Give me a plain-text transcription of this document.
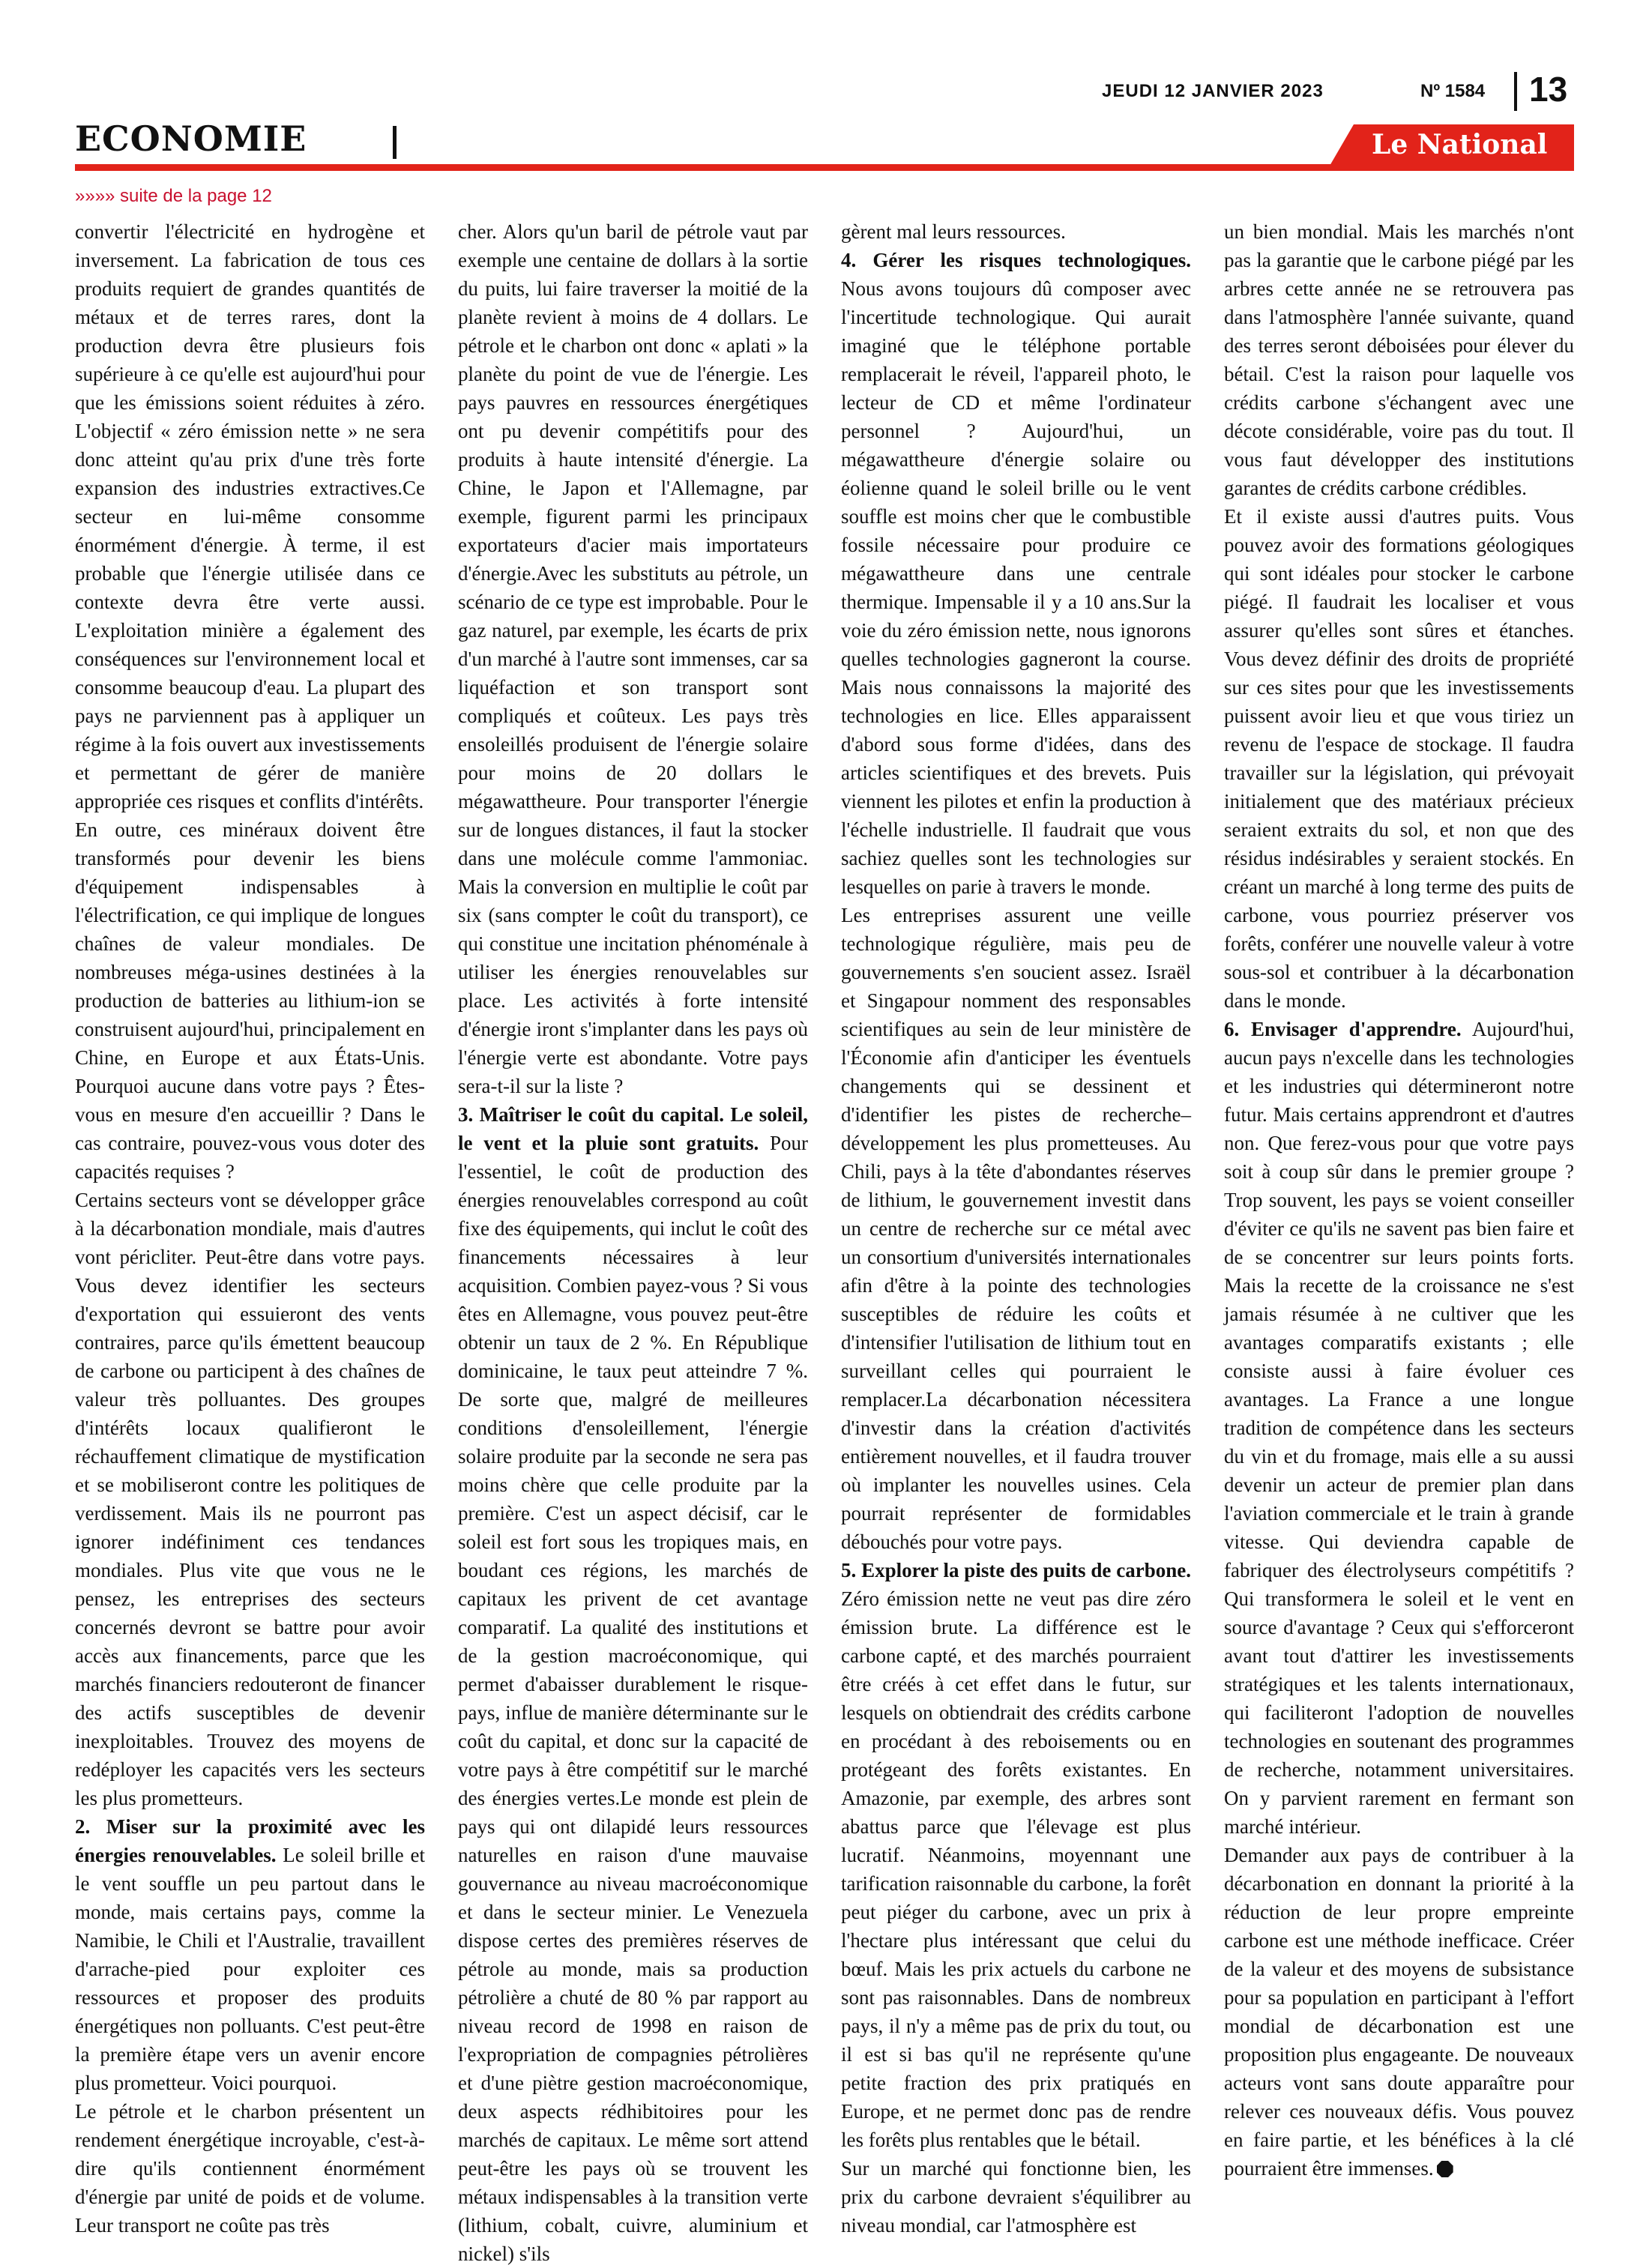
JEUDI 12 JANVIER 2023	Nº 1584 13
ECONOMIE	Le National
»»»» suite de la page 12

convertir l'électricité en hydrogène et inversement. La fabrication de tous ces produits requiert de grandes quantités de métaux et de terres rares, dont la production devra être plusieurs fois supérieure à ce qu'elle est aujourd'hui pour que les émissions soient réduites à zéro. L'objectif « zéro émission nette » ne sera donc atteint qu'au prix d'une très forte expansion des industries extractives.Ce secteur en lui-même consomme énormément d'énergie. À terme, il est probable que l'énergie utilisée dans ce contexte devra être verte aussi. L'exploitation minière a également des conséquences sur l'environnement local et consomme beaucoup d'eau. La plupart des pays ne parviennent pas à appliquer un régime à la fois ouvert aux investissements et permettant de gérer de manière appropriée ces risques et conflits d'intérêts.

En outre, ces minéraux doivent être transformés pour devenir les biens d'équipement indispensables à l'électrification, ce qui implique de longues chaînes de valeur mondiales. De nombreuses méga-usines destinées à la production de batteries au lithium-ion se construisent aujourd'hui, principalement en Chine, en Europe et aux États-Unis. Pourquoi aucune dans votre pays ? Êtes-vous en mesure d'en accueillir ? Dans le cas contraire, pouvez-vous vous doter des capacités requises ?

Certains secteurs vont se développer grâce à la décarbonation mondiale, mais d'autres vont péricliter. Peut-être dans votre pays. Vous devez identifier les secteurs d'exportation qui essuieront des vents contraires, parce qu'ils émettent beaucoup de carbone ou participent à des chaînes de valeur très polluantes. Des groupes d'intérêts locaux qualifieront le réchauffement climatique de mystification et se mobiliseront contre les politiques de verdissement. Mais ils ne pourront pas ignorer indéfiniment ces tendances mondiales. Plus vite que vous ne le pensez, les entreprises des secteurs concernés devront se battre pour avoir accès aux financements, parce que les marchés financiers redouteront de financer des actifs susceptibles de devenir inexploitables. Trouvez des moyens de redéployer les capacités vers les secteurs les plus prometteurs.

2. Miser sur la proximité avec les énergies renouvelables. Le soleil brille et le vent souffle un peu partout dans le monde, mais certains pays, comme la Namibie, le Chili et l'Australie, travaillent d'arrache-pied pour exploiter ces ressources et proposer des produits énergétiques non polluants. C'est peut-être la première étape vers un avenir encore plus prometteur. Voici pourquoi.

Le pétrole et le charbon présentent un rendement énergétique incroyable, c'est-à-dire qu'ils contiennent énormément d'énergie par unité de poids et de volume. Leur transport ne coûte pas très

cher. Alors qu'un baril de pétrole vaut par exemple une centaine de dollars à la sortie du puits, lui faire traverser la moitié de la planète revient à moins de 4 dollars. Le pétrole et le charbon ont donc « aplati » la planète du point de vue de l'énergie. Les pays pauvres en ressources énergétiques ont pu devenir compétitifs pour des produits à haute intensité d'énergie. La Chine, le Japon et l'Allemagne, par exemple, figurent parmi les principaux exportateurs d'acier mais importateurs d'énergie.Avec les substituts au pétrole, un scénario de ce type est improbable. Pour le gaz naturel, par exemple, les écarts de prix d'un marché à l'autre sont immenses, car sa liquéfaction et son transport sont compliqués et coûteux. Les pays très ensoleillés produisent de l'énergie solaire pour moins de 20 dollars le mégawattheure. Pour transporter l'énergie sur de longues distances, il faut la stocker dans une molécule comme l'ammoniac. Mais la conversion en multiplie le coût par six (sans compter le coût du transport), ce qui constitue une incitation phénoménale à utiliser les énergies renouvelables sur place. Les activités à forte intensité d'énergie iront s'implanter dans les pays où l'énergie verte est abondante. Votre pays sera-t-il sur la liste ?

3. Maîtriser le coût du capital. Le soleil, le vent et la pluie sont gratuits. Pour l'essentiel, le coût de production des énergies renouvelables correspond au coût fixe des équipements, qui inclut le coût des financements nécessaires à leur acquisition. Combien payez-vous ? Si vous êtes en Allemagne, vous pouvez peut-être obtenir un taux de 2 %. En République dominicaine, le taux peut atteindre 7 %. De sorte que, malgré de meilleures conditions d'ensoleillement, l'énergie solaire produite par la seconde ne sera pas moins chère que celle produite par la première. C'est un aspect décisif, car le soleil est fort sous les tropiques mais, en boudant ces régions, les marchés de capitaux les privent de cet avantage comparatif. La qualité des institutions et de la gestion macroéconomique, qui permet d'abaisser durablement le risque-pays, influe de manière déterminante sur le coût du capital, et donc sur la capacité de votre pays à être compétitif sur le marché des énergies vertes.Le monde est plein de pays qui ont dilapidé leurs ressources naturelles en raison d'une mauvaise gouvernance au niveau macroéconomique et dans le secteur minier. Le Venezuela dispose certes des premières réserves de pétrole au monde, mais sa production pétrolière a chuté de 80 % par rapport au niveau record de 1998 en raison de l'expropriation de compagnies pétrolières et d'une piètre gestion macroéconomique, deux aspects rédhibitoires pour les marchés de capitaux. Le même sort attend peut-être les pays où se trouvent les métaux indispensables à la transition verte (lithium, cobalt, cuivre, aluminium et nickel) s'ils

gèrent mal leurs ressources.

4. Gérer les risques technologiques. Nous avons toujours dû composer avec l'incertitude technologique. Qui aurait imaginé que le téléphone portable remplacerait le réveil, l'appareil photo, le lecteur de CD et même l'ordinateur personnel ? Aujourd'hui, un mégawattheure d'énergie solaire ou éolienne quand le soleil brille ou le vent souffle est moins cher que le combustible fossile nécessaire pour produire ce mégawattheure dans une centrale thermique. Impensable il y a 10 ans.Sur la voie du zéro émission nette, nous ignorons quelles technologies gagneront la course. Mais nous connaissons la majorité des technologies en lice. Elles apparaissent d'abord sous forme d'idées, dans des articles scientifiques et des brevets. Puis viennent les pilotes et enfin la production à l'échelle industrielle. Il faudrait que vous sachiez quelles sont les technologies sur lesquelles on parie à travers le monde.

Les entreprises assurent une veille technologique régulière, mais peu de gouvernements s'en soucient assez. Israël et Singapour nomment des responsables scientifiques au sein de leur ministère de l'Économie afin d'anticiper les éventuels changements qui se dessinent et d'identifier les pistes de recherche–développement les plus prometteuses. Au Chili, pays à la tête d'abondantes réserves de lithium, le gouvernement investit dans un centre de recherche sur ce métal avec un consortium d'universités internationales afin d'être à la pointe des technologies susceptibles de réduire les coûts et d'intensifier l'utilisation de lithium tout en surveillant celles qui pourraient le remplacer.La décarbonation nécessitera d'investir dans la création d'activités entièrement nouvelles, et il faudra trouver où implanter les nouvelles usines. Cela pourrait représenter de formidables débouchés pour votre pays.

5. Explorer la piste des puits de carbone. Zéro émission nette ne veut pas dire zéro émission brute. La différence est le carbone capté, et des marchés pourraient être créés à cet effet dans le futur, sur lesquels on obtiendrait des crédits carbone en procédant à des reboisements ou en protégeant des forêts existantes. En Amazonie, par exemple, des arbres sont abattus parce que l'élevage est plus lucratif. Néanmoins, moyennant une tarification raisonnable du carbone, la forêt peut piéger du carbone, avec un prix à l'hectare plus intéressant que celui du bœuf. Mais les prix actuels du carbone ne sont pas raisonnables. Dans de nombreux pays, il n'y a même pas de prix du tout, ou il est si bas qu'il ne représente qu'une petite fraction des prix pratiqués en Europe, et ne permet donc pas de rendre les forêts plus rentables que le bétail.

Sur un marché qui fonctionne bien, les prix du carbone devraient s'équilibrer au niveau mondial, car l'atmosphère est

un bien mondial. Mais les marchés n'ont pas la garantie que le carbone piégé par les arbres cette année ne se retrouvera pas dans l'atmosphère l'année suivante, quand des terres seront déboisées pour élever du bétail. C'est la raison pour laquelle vos crédits carbone s'échangent avec une décote considérable, voire pas du tout. Il vous faut développer des institutions garantes de crédits carbone crédibles.

Et il existe aussi d'autres puits. Vous pouvez avoir des formations géologiques qui sont idéales pour stocker le carbone piégé. Il faudrait les localiser et vous assurer qu'elles sont sûres et étanches. Vous devez définir des droits de propriété sur ces sites pour que les investissements puissent avoir lieu et que vous tiriez un revenu de l'espace de stockage. Il faudra travailler sur la législation, qui prévoyait initialement que des matériaux précieux seraient extraits du sol, et non que des résidus indésirables y seraient stockés. En créant un marché à long terme des puits de carbone, vous pourriez préserver vos forêts, conférer une nouvelle valeur à votre sous-sol et contribuer à la décarbonation dans le monde.

6. Envisager d'apprendre. Aujourd'hui, aucun pays n'excelle dans les technologies et les industries qui détermineront notre futur. Mais certains apprendront et d'autres non. Que ferez-vous pour que votre pays soit à coup sûr dans le premier groupe ? Trop souvent, les pays se voient conseiller d'éviter ce qu'ils ne savent pas bien faire et de se concentrer sur leurs points forts. Mais la recette de la croissance ne s'est jamais résumée à ne cultiver que les avantages comparatifs existants ; elle consiste aussi à faire évoluer ces avantages. La France a une longue tradition de compétence dans les secteurs du vin et du fromage, mais elle a su aussi devenir un acteur de premier plan dans l'aviation commerciale et le train à grande vitesse. Qui deviendra capable de fabriquer des électrolyseurs compétitifs ? Qui transformera le soleil et le vent en source d'avantage ? Ceux qui s'efforceront avant tout d'attirer les investissements stratégiques et les talents internationaux, qui faciliteront l'adoption de nouvelles technologies en soutenant des programmes de recherche, notamment universitaires. On y parvient rarement en fermant son marché intérieur.

Demander aux pays de contribuer à la décarbonation en donnant la priorité à la réduction de leur propre empreinte carbone est une méthode inefficace. Créer de la valeur et des moyens de subsistance pour sa population en participant à l'effort mondial de décarbonation est une proposition plus engageante. De nouveaux acteurs vont sans doute apparaître pour relever ces nouveaux défis. Vous pouvez en faire partie, et les bénéfices à la clé pourraient être immenses.
